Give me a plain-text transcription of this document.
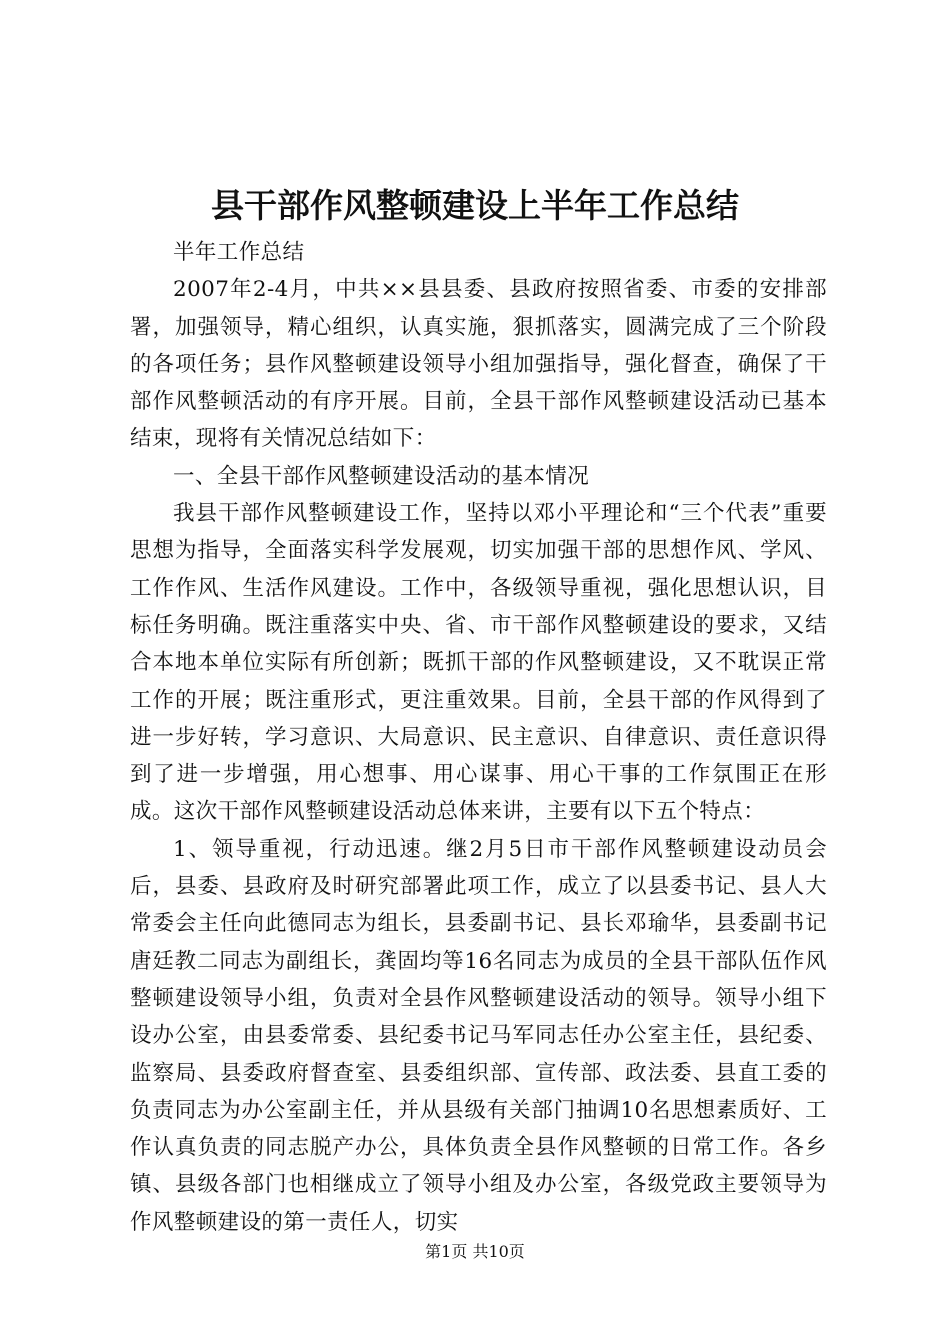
县干部作风整顿建设上半年工作总结

半年工作总结

2007年2-4月，中共××县县委、县政府按照省委、市委的安排部署，加强领导，精心组织，认真实施，狠抓落实，圆满完成了三个阶段的各项任务；县作风整顿建设领导小组加强指导，强化督查，确保了干部作风整顿活动的有序开展。目前，全县干部作风整顿建设活动已基本结束，现将有关情况总结如下：

一、全县干部作风整顿建设活动的基本情况

我县干部作风整顿建设工作，坚持以邓小平理论和“三个代表”重要思想为指导，全面落实科学发展观，切实加强干部的思想作风、学风、工作作风、生活作风建设。工作中，各级领导重视，强化思想认识，目标任务明确。既注重落实中央、省、市干部作风整顿建设的要求，又结合本地本单位实际有所创新；既抓干部的作风整顿建设，又不耽误正常工作的开展；既注重形式，更注重效果。目前，全县干部的作风得到了进一步好转，学习意识、大局意识、民主意识、自律意识、责任意识得到了进一步增强，用心想事、用心谋事、用心干事的工作氛围正在形成。这次干部作风整顿建设活动总体来讲，主要有以下五个特点：

1、领导重视，行动迅速。继2月5日市干部作风整顿建设动员会后，县委、县政府及时研究部署此项工作，成立了以县委书记、县人大常委会主任向此德同志为组长，县委副书记、县长邓瑜华，县委副书记唐廷教二同志为副组长，龚固均等16名同志为成员的全县干部队伍作风整顿建设领导小组，负责对全县作风整顿建设活动的领导。领导小组下设办公室，由县委常委、县纪委书记马军同志任办公室主任，县纪委、监察局、县委政府督查室、县委组织部、宣传部、政法委、县直工委的负责同志为办公室副主任，并从县级有关部门抽调10名思想素质好、工作认真负责的同志脱产办公，具体负责全县作风整顿的日常工作。各乡镇、县级各部门也相继成立了领导小组及办公室，各级党政主要领导为作风整顿建设的第一责任人，切实

第1页 共10页
